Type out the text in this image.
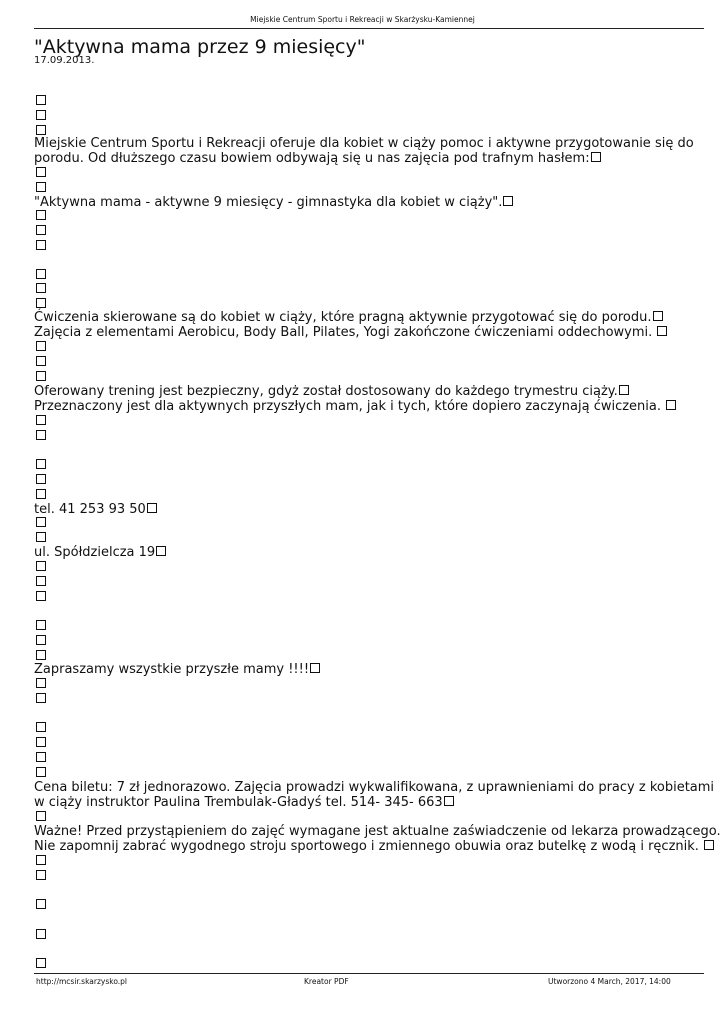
Miejskie Centrum Sportu i Rekreacji w Skarżysku-Kamiennej
"Aktywna mama przez 9 miesięcy"
17.09.2013.
Miejskie Centrum Sportu i Rekreacji oferuje dla kobiet w ciąży pomoc i aktywne przygotowanie się do
porodu. Od dłuższego czasu bowiem odbywają się u nas zajęcia pod trafnym hasłem:
"Aktywna mama - aktywne 9 miesięcy - gimnastyka dla kobiet w ciąży".
Ćwiczenia skierowane są do kobiet w ciąży, które pragną aktywnie przygotować się do porodu.
Zajęcia z elementami Aerobicu, Body Ball, Pilates, Yogi zakończone ćwiczeniami oddechowymi.
Oferowany trening jest bezpieczny, gdyż został dostosowany do każdego trymestru ciąży.
Przeznaczony jest dla aktywnych przyszłych mam, jak i tych, które dopiero zaczynają ćwiczenia.
tel. 41 253 93 50
ul. Spółdzielcza 19
Zapraszamy wszystkie przyszłe mamy !!!!
Cena biletu: 7 zł jednorazowo. Zajęcia prowadzi wykwalifikowana, z uprawnieniami do pracy z kobietami
w ciąży instruktor Paulina Trembulak-Gładyś tel. 514- 345- 663
Ważne! Przed przystąpieniem do zajęć wymagane jest aktualne zaświadczenie od lekarza prowadzącego.
Nie zapomnij zabrać wygodnego stroju sportowego i zmiennego obuwia oraz butelkę z wodą i ręcznik.
http://mcsir.skarzysko.pl	Kreator PDF	Utworzono 4 March, 2017, 14:00
